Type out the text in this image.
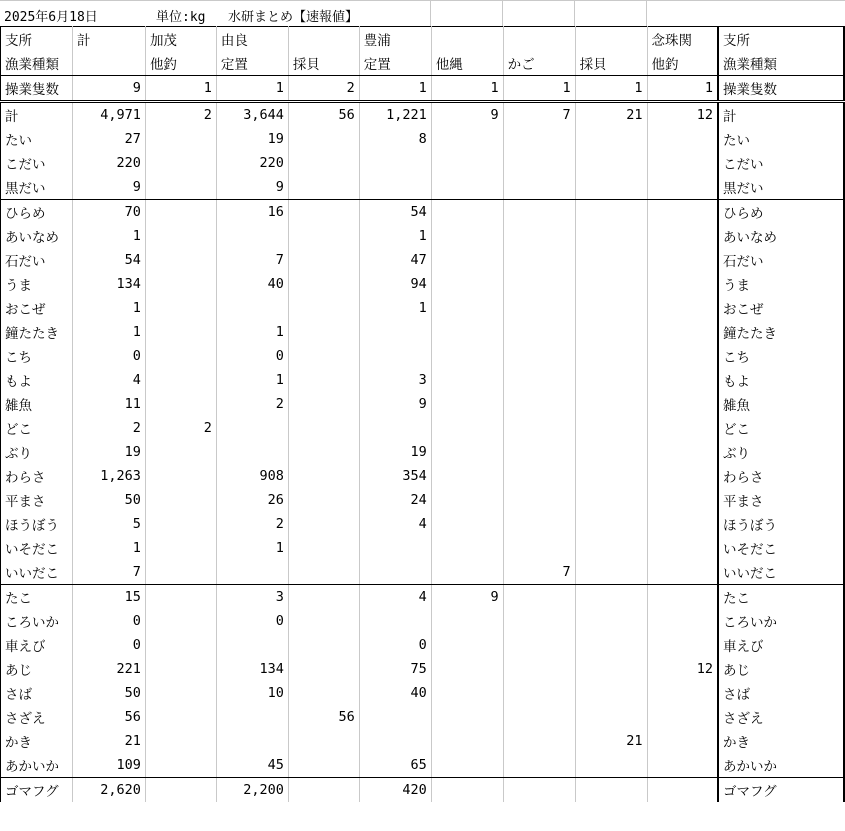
2025年6月18日	単位:kg 水研まとめ【速報値】
支所	計	加茂	由良		豊浦				念珠関	支所
漁業種類		他釣	定置	採貝	定置	他縄	かご	採貝	他釣	漁業種類
操業隻数	9	1	1	2	1	1	1	1	1	操業隻数
計	4,971	2	3,644	56	1,221	9	7	21	12	計
たい	27		19		8					たい
こだい	220		220							こだい
黒だい	9		9							黒だい
ひらめ	70		16		54					ひらめ
あいなめ	1				1					あいなめ
石だい	54		7		47					石だい
うま	134		40		94					うま
おこぜ	1				1					おこぜ
鐘たたき	1		1							鐘たたき
こち	0		0							こち
もよ	4		1		3					もよ
雑魚	11		2		9					雑魚
どこ	2	2								どこ
ぶり	19				19					ぶり
わらさ	1,263		908		354					わらさ
平まさ	50		26		24					平まさ
ほうぼう	5		2		4					ほうぼう
いそだこ	1		1							いそだこ
いいだこ	7						7			いいだこ
たこ	15		3		4	9				たこ
ころいか	0		0							ころいか
車えび	0				0					車えび
あじ	221		134		75				12	あじ
さば	50		10		40					さば
さざえ	56			56						さざえ
かき	21							21		かき
あかいか	109		45		65					あかいか
ゴマフグ	2,620		2,200		420					ゴマフグ
